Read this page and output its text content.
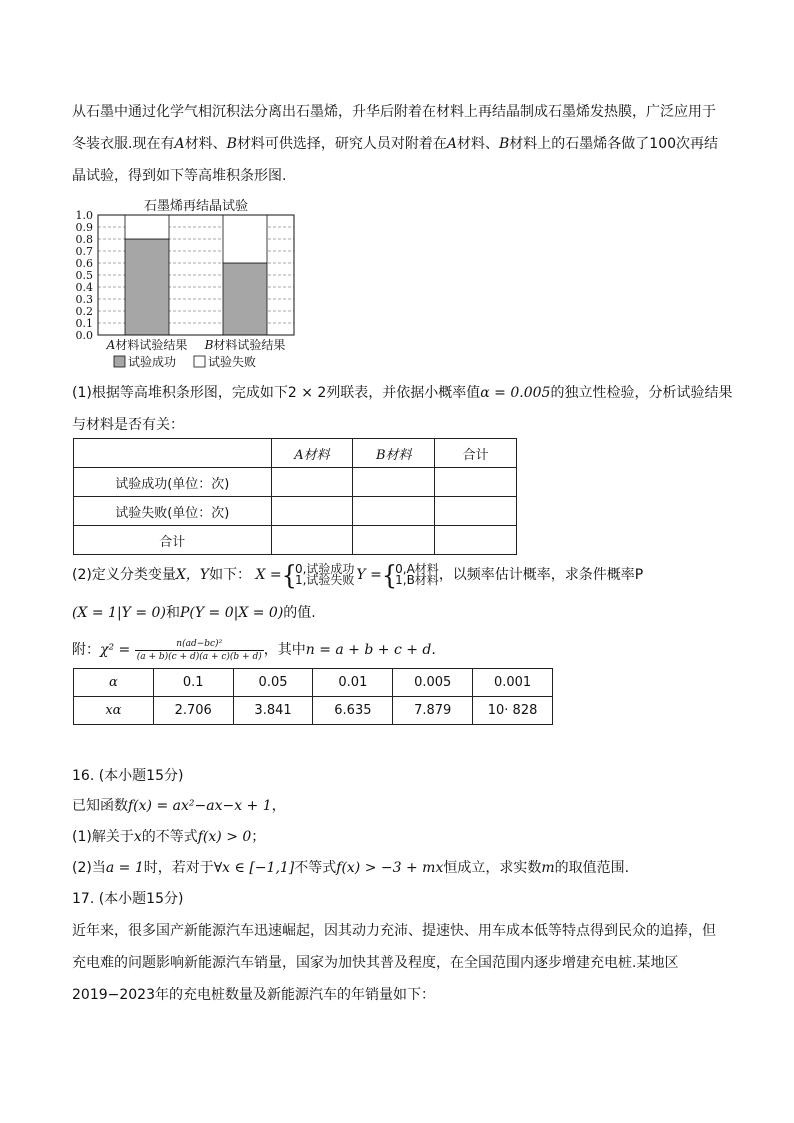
从石墨中通过化学气相沉积法分离出石墨烯，升华后附着在材料上再结晶制成石墨烯发热膜，广泛应用于
冬装衣服.现在有A材料、B材料可供选择，研究人员对附着在A材料、B材料上的石墨烯各做了100次再结
晶试验，得到如下等高堆积条形图.
石墨烯再结晶试验
0.0
0.1
0.2
0.3
0.4
0.5
0.6
0.7
0.8
0.9
1.0
A材料试验结果 B材料试验结果
试验成功	试验失败
(1)根据等高堆积条形图，完成如下2 × 2列联表，并依据小概率值α = 0.005的独立性检验，分析试验结果
与材料是否有关：
	A材料	B材料	合计
试验成功(单位：次)			
试验失败(单位：次)			
合计			
(2)定义分类变量X，Y如下： X ={
0,试验成功
1,试验失败 Y ={
0,A材料
1,B材料 ，以频率估计概率，求条件概率P
(X = 1|Y = 0)和P(Y = 0|X = 0)的值.
附：$\chi^2 = \frac{\text{n(ad−bc)²}}{(a + b)(c + d)(a + c)(b + d)}$ ，其中n = a + b + c + d.
α	0.1	0.05	0.01	0.005	0.001
xα	2.706	3.841	6.635	7.879	10· 828
16. (本小题15分)
已知函数f(x) = ax²−ax−x + 1，
(1)解关于x的不等式f(x) > 0；
(2)当a = 1时，若对于∀x ∈ [−1,1]不等式f(x) > −3 + mx恒成立，求实数m的取值范围.
17. (本小题15分)
近年来，很多国产新能源汽车迅速崛起，因其动力充沛、提速快、用车成本低等特点得到民众的追捧，但
充电难的问题影响新能源汽车销量，国家为加快其普及程度，在全国范围内逐步增建充电桩.某地区
2019−2023年的充电桩数量及新能源汽车的年销量如下：
